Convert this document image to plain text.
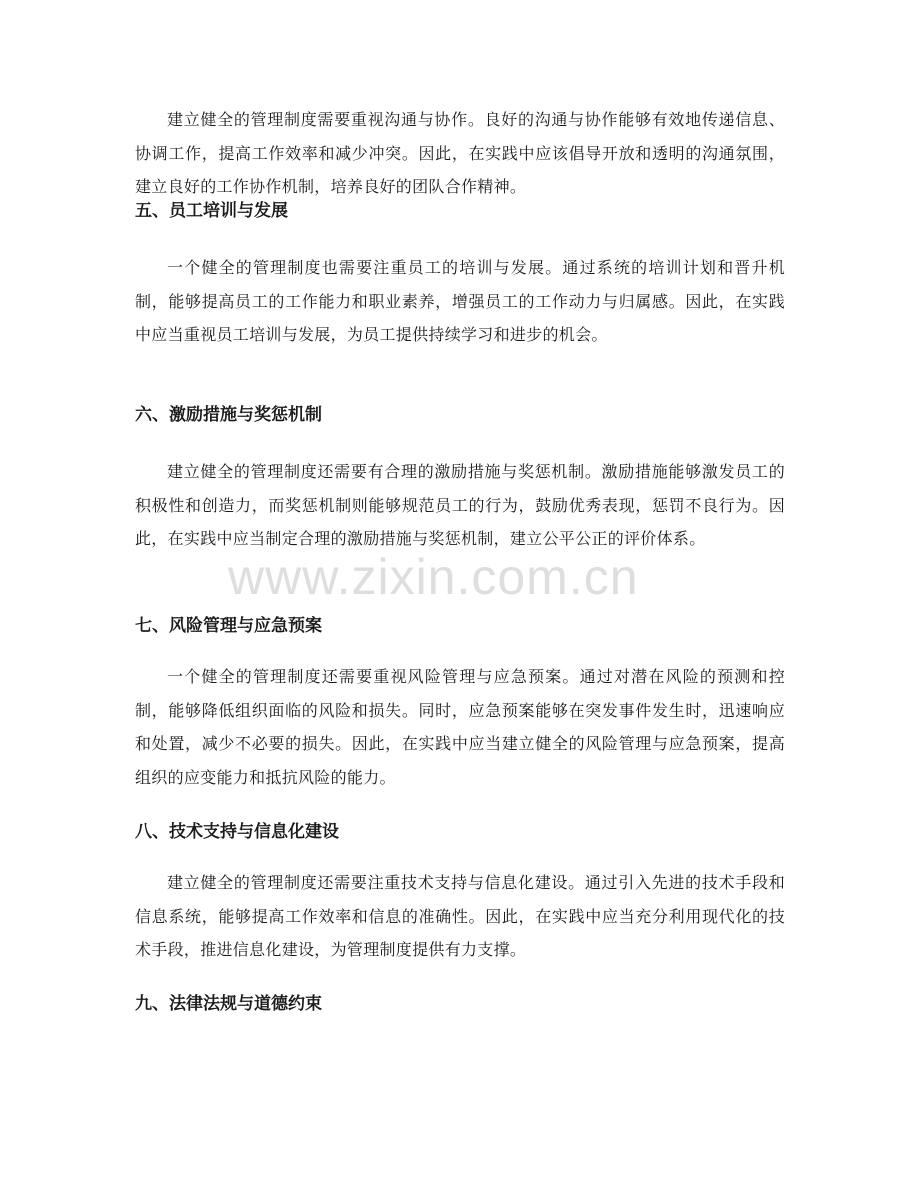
建立健全的管理制度需要重视沟通与协作。良好的沟通与协作能够有效地传递信息、协调工作，提高工作效率和减少冲突。因此，在实践中应该倡导开放和透明的沟通氛围，建立良好的工作协作机制，培养良好的团队合作精神。

五、员工培训与发展

一个健全的管理制度也需要注重员工的培训与发展。通过系统的培训计划和晋升机制，能够提高员工的工作能力和职业素养，增强员工的工作动力与归属感。因此，在实践中应当重视员工培训与发展，为员工提供持续学习和进步的机会。

六、激励措施与奖惩机制

建立健全的管理制度还需要有合理的激励措施与奖惩机制。激励措施能够激发员工的积极性和创造力，而奖惩机制则能够规范员工的行为，鼓励优秀表现，惩罚不良行为。因此，在实践中应当制定合理的激励措施与奖惩机制，建立公平公正的评价体系。

七、风险管理与应急预案

一个健全的管理制度还需要重视风险管理与应急预案。通过对潜在风险的预测和控制，能够降低组织面临的风险和损失。同时，应急预案能够在突发事件发生时，迅速响应和处置，减少不必要的损失。因此，在实践中应当建立健全的风险管理与应急预案，提高组织的应变能力和抵抗风险的能力。

八、技术支持与信息化建设

建立健全的管理制度还需要注重技术支持与信息化建设。通过引入先进的技术手段和信息系统，能够提高工作效率和信息的准确性。因此，在实践中应当充分利用现代化的技术手段，推进信息化建设，为管理制度提供有力支撑。

九、法律法规与道德约束
www.zixin.com.cn
